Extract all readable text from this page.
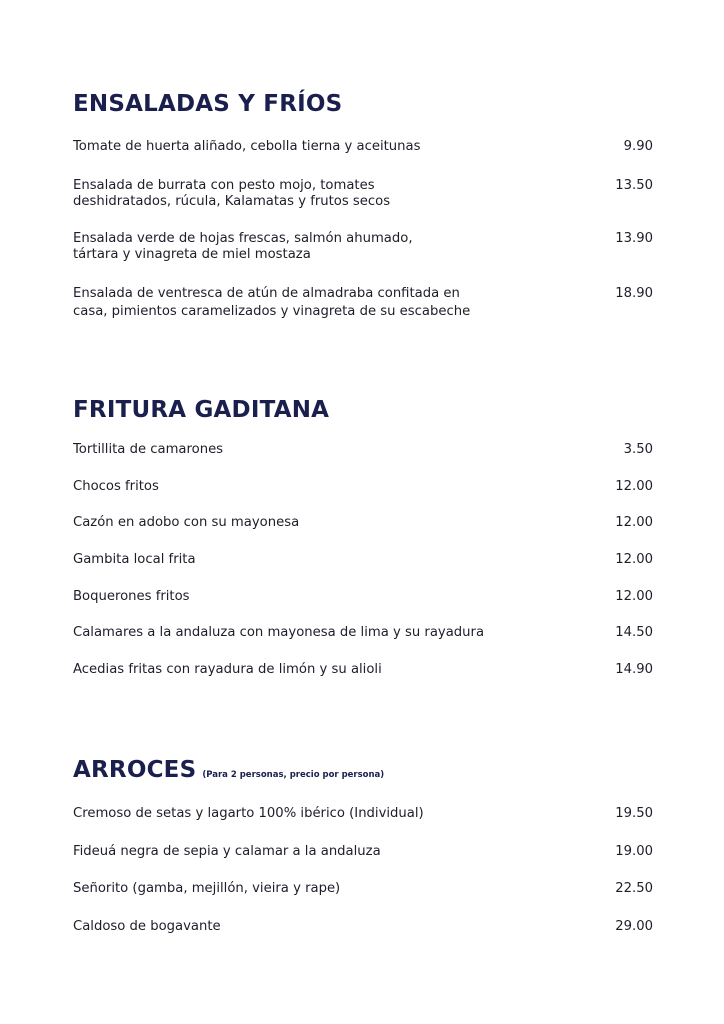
ENSALADAS Y FRÍOS
Tomate de huerta aliñado, cebolla tierna y aceitunas	9.90
Ensalada de burrata con pesto mojo, tomates deshidratados, rúcula, Kalamatas y frutos secos
13.50
Ensalada verde de hojas frescas, salmón ahumado, tártara y vinagreta de miel mostaza
13.90
Ensalada de ventresca de atún de almadraba confitada en casa, pimientos caramelizados y vinagreta de su escabeche
18.90
FRITURA GADITANA
Tortillita de camarones	3.50
Chocos fritos	12.00
Cazón en adobo con su mayonesa	12.00
Gambita local frita	12.00
Boquerones fritos	12.00
Calamares a la andaluza con mayonesa de lima y su rayadura	14.50
Acedias fritas con rayadura de limón y su alioli	14.90
ARROCES (Para 2 personas, precio por persona)
Cremoso de setas y lagarto 100% ibérico (Individual)	19.50
Fideuá negra de sepia y calamar a la andaluza	19.00
Señorito (gamba, mejillón, vieira y rape)	22.50
Caldoso de bogavante	29.00
